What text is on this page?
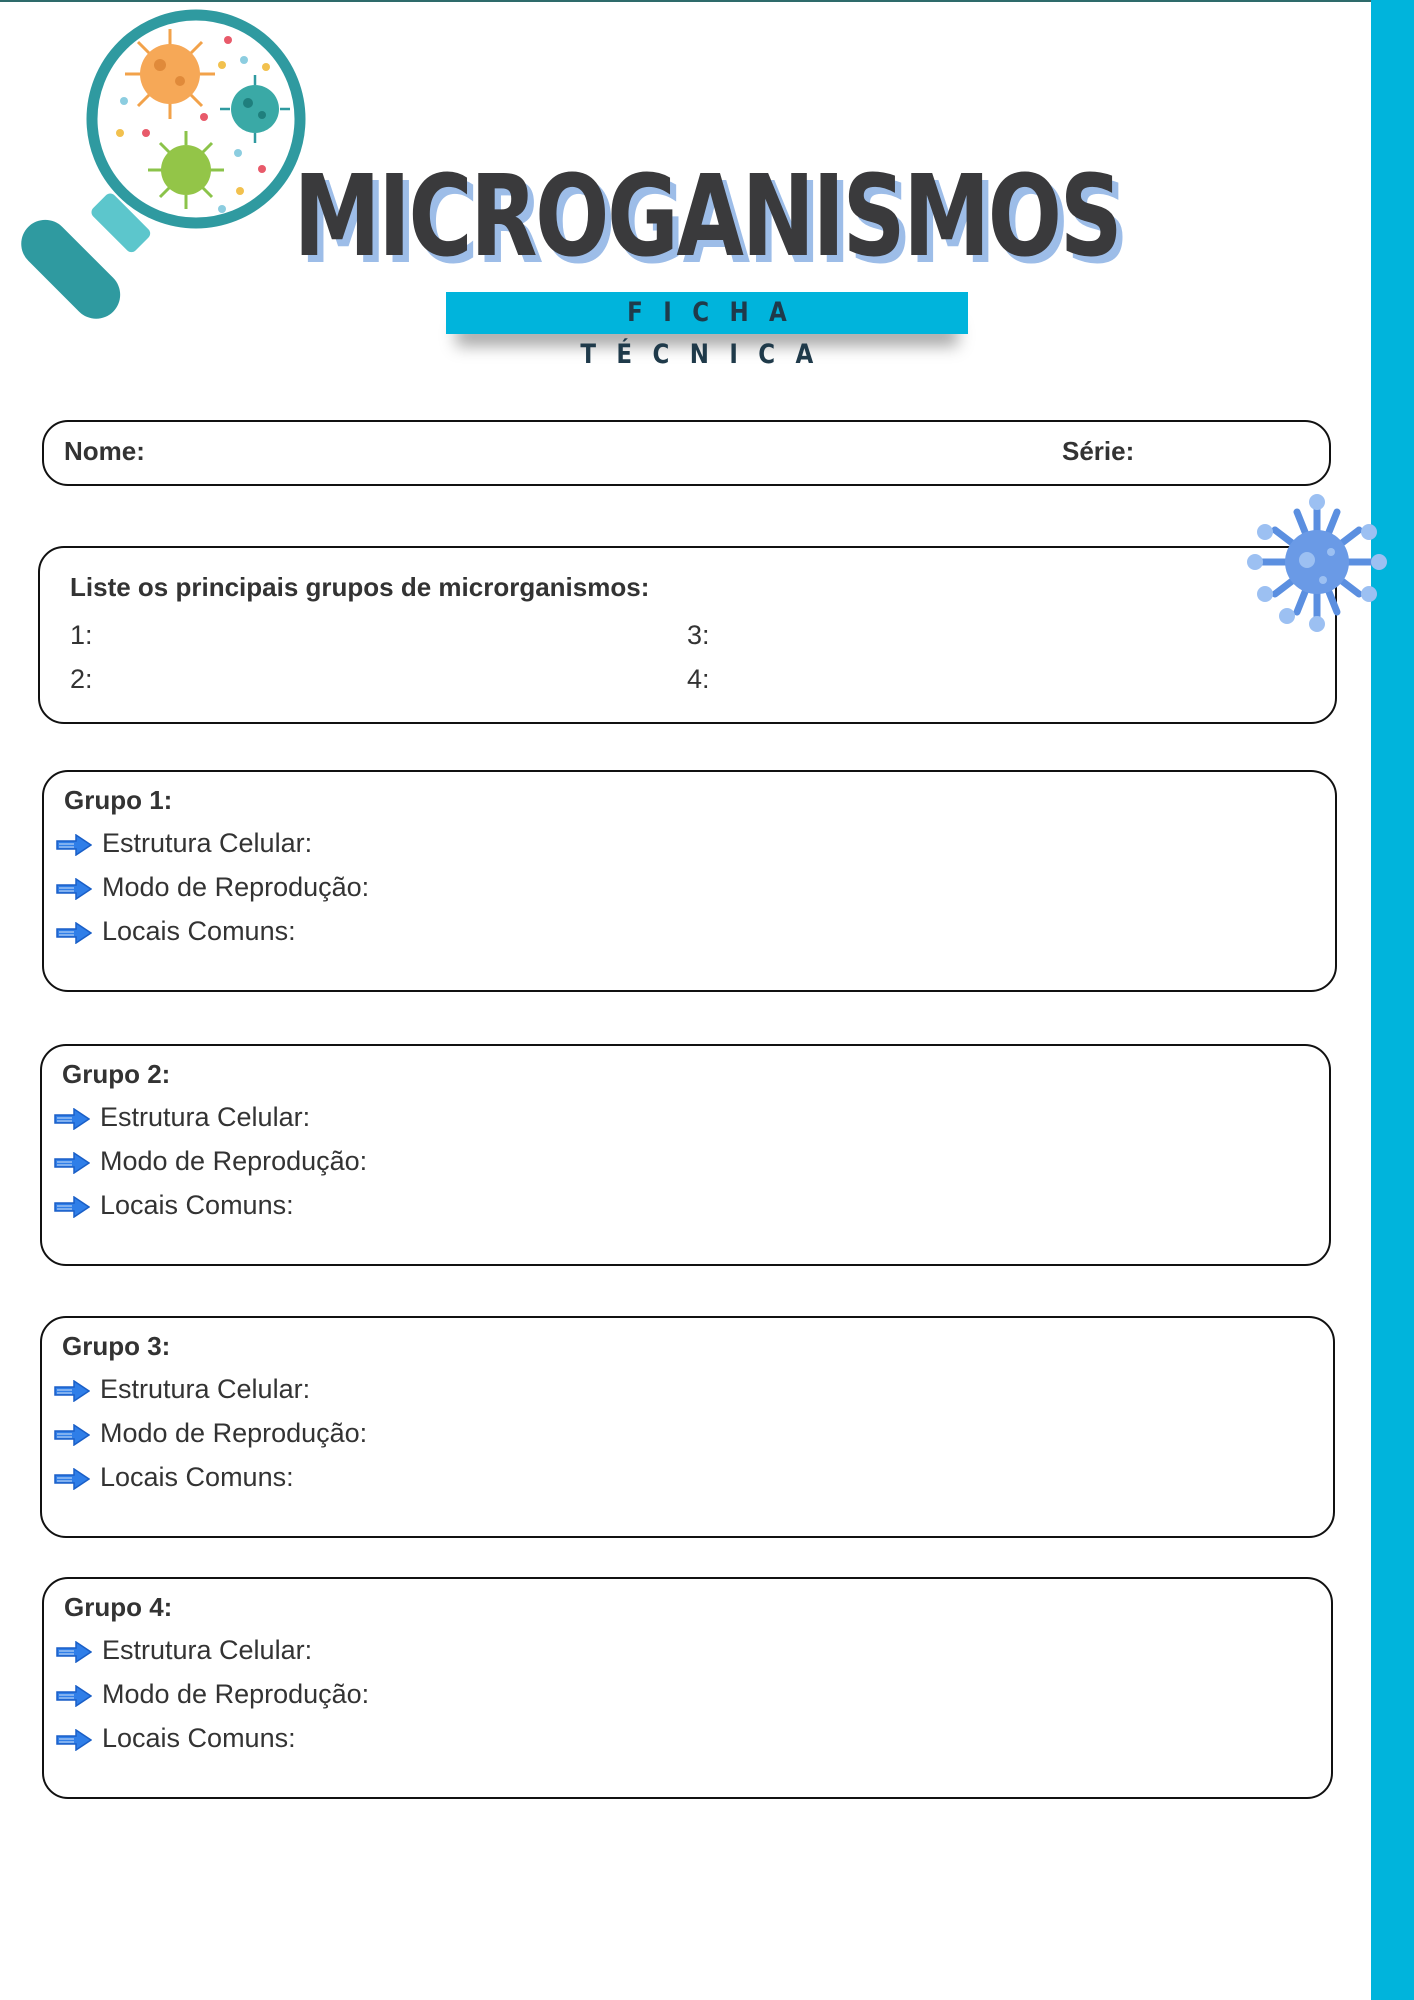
MICROGANISMOS
FICHA TÉCNICA
Nome:	Série:
Liste os principais grupos de microrganismos:
1:
2:
3:
4:
Grupo 1:
Estrutura Celular:
Modo de Reprodução:
Locais Comuns:
Grupo 2:
Estrutura Celular:
Modo de Reprodução:
Locais Comuns:
Grupo 3:
Estrutura Celular:
Modo de Reprodução:
Locais Comuns:
Grupo 4:
Estrutura Celular:
Modo de Reprodução:
Locais Comuns:
